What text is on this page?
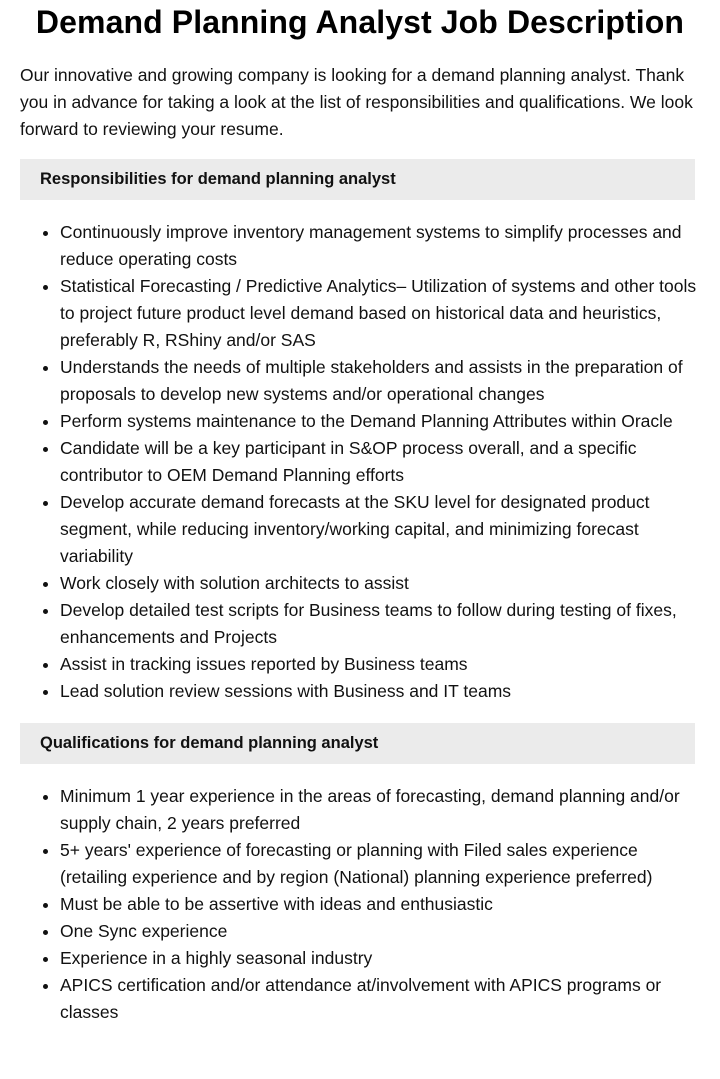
Demand Planning Analyst Job Description

Our innovative and growing company is looking for a demand planning analyst. Thank you in advance for taking a look at the list of responsibilities and qualifications. We look forward to reviewing your resume.

Responsibilities for demand planning analyst
Continuously improve inventory management systems to simplify processes and reduce operating costs
Statistical Forecasting / Predictive Analytics– Utilization of systems and other tools to project future product level demand based on historical data and heuristics, preferably R, RShiny and/or SAS
Understands the needs of multiple stakeholders and assists in the preparation of proposals to develop new systems and/or operational changes
Perform systems maintenance to the Demand Planning Attributes within Oracle
Candidate will be a key participant in S&OP process overall, and a specific contributor to OEM Demand Planning efforts
Develop accurate demand forecasts at the SKU level for designated product segment, while reducing inventory/working capital, and minimizing forecast variability
Work closely with solution architects to assist
Develop detailed test scripts for Business teams to follow during testing of fixes, enhancements and Projects
Assist in tracking issues reported by Business teams
Lead solution review sessions with Business and IT teams
Qualifications for demand planning analyst
Minimum 1 year experience in the areas of forecasting, demand planning and/or supply chain, 2 years preferred
5+ years' experience of forecasting or planning with Filed sales experience (retailing experience and by region (National) planning experience preferred)
Must be able to be assertive with ideas and enthusiastic
One Sync experience
Experience in a highly seasonal industry
APICS certification and/or attendance at/involvement with APICS programs or classes
